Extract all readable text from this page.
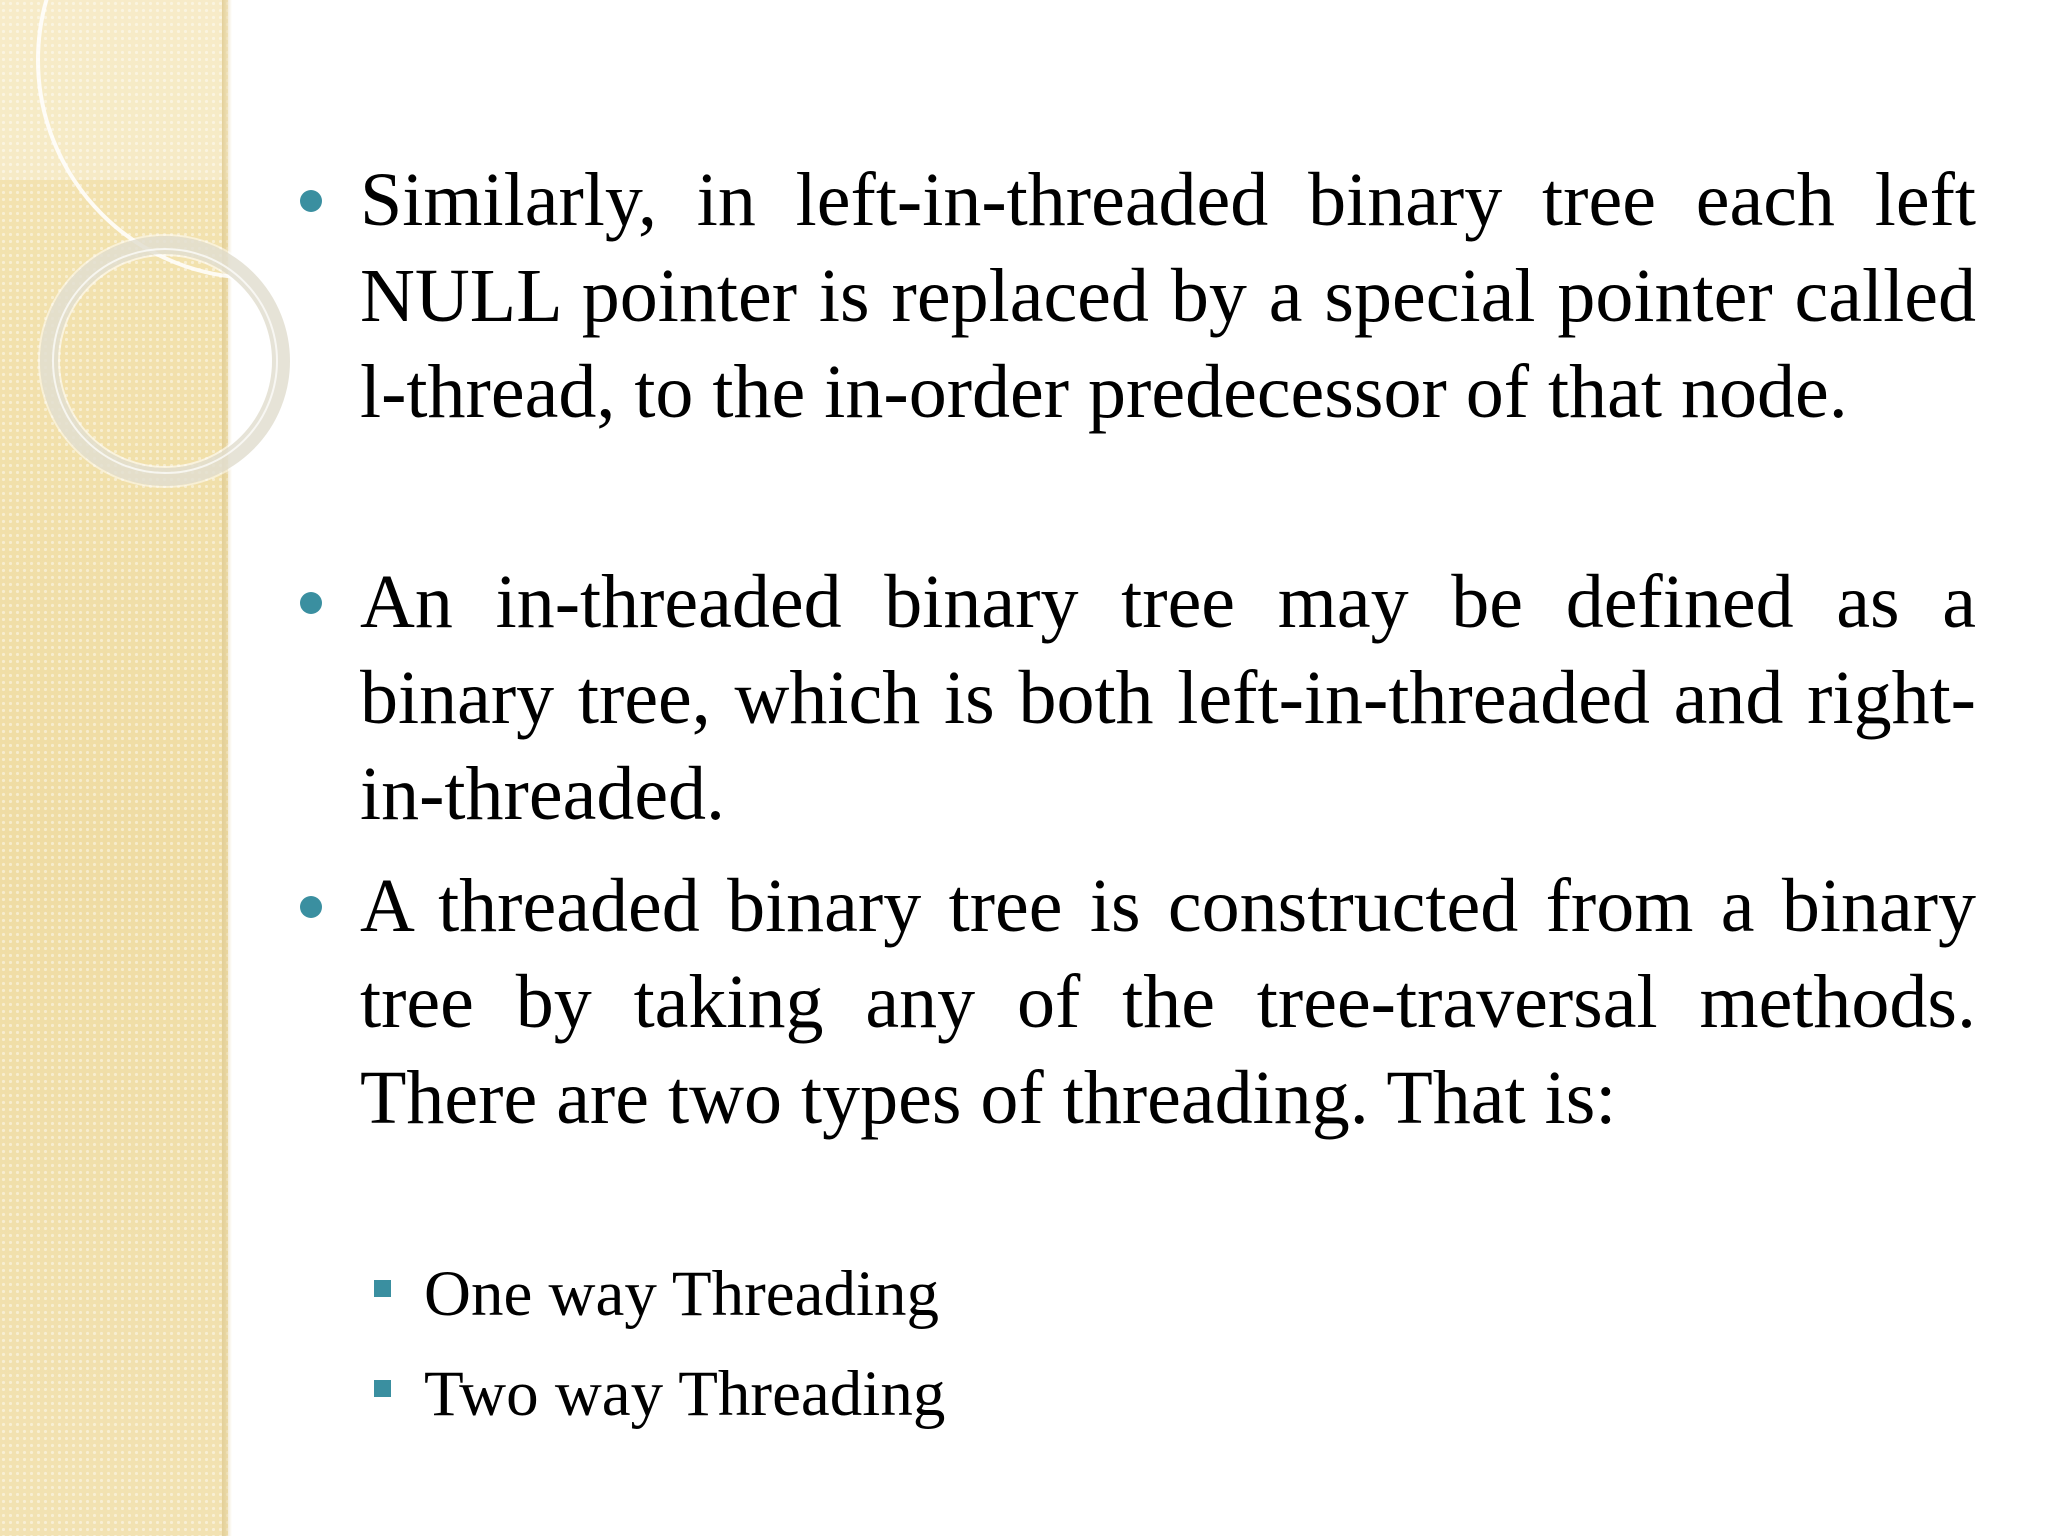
Similarly, in left-in-threaded binary tree each left NULL pointer is replaced by a special pointer called l-thread, to the in-order predecessor of that node.

An in-threaded binary tree may be defined as a binary tree, which is both left-in-threaded and right-in-threaded.

A threaded binary tree is constructed from a binary tree by taking any of the tree-traversal methods. There are two types of threading. That is:

One way Threading
Two way Threading
